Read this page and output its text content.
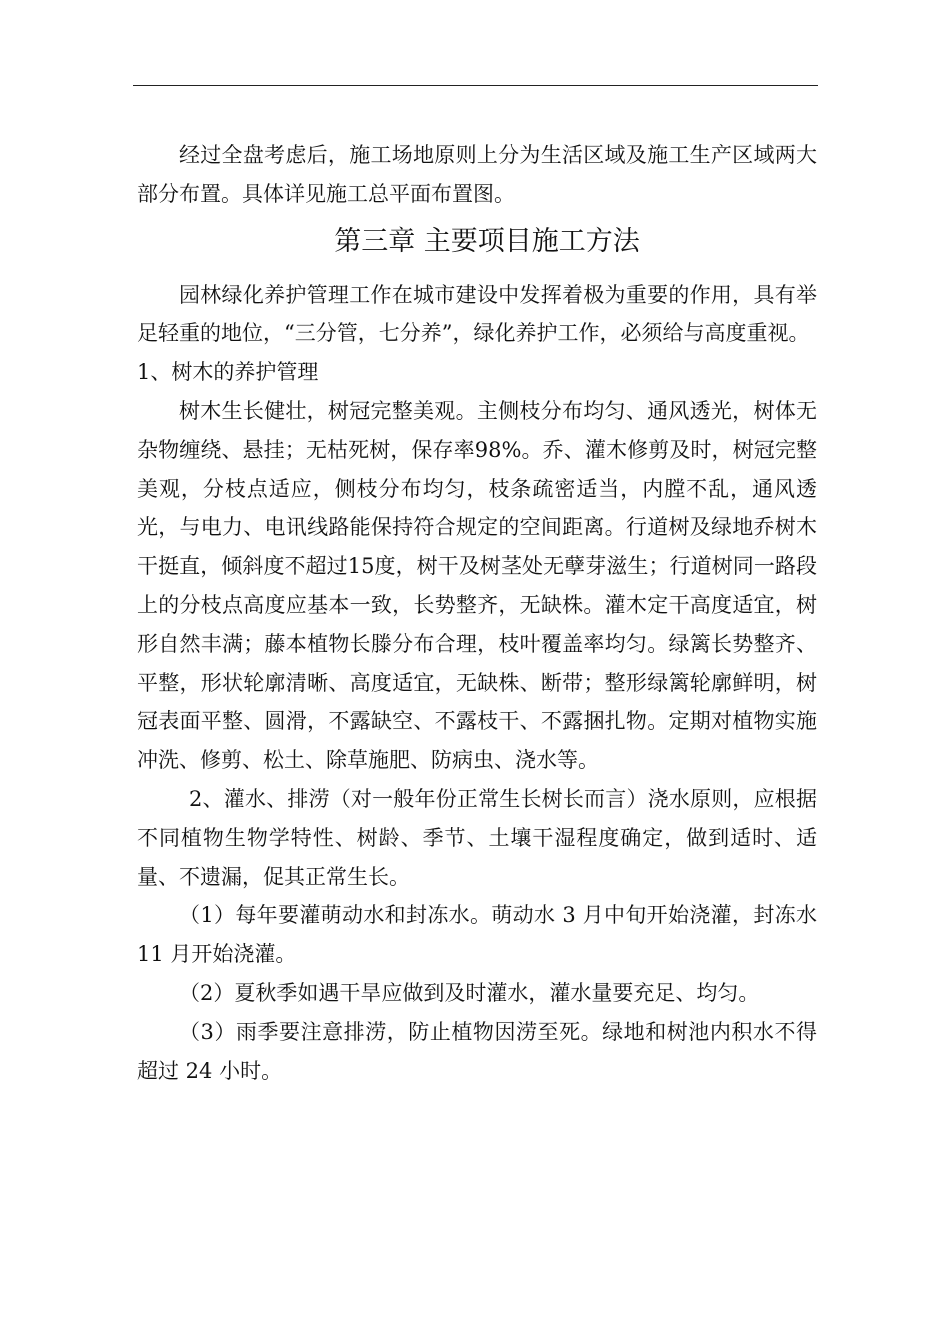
经过全盘考虑后，施工场地原则上分为生活区域及施工生产区域两大部分布置。具体详见施工总平面布置图。

第三章 主要项目施工方法

园林绿化养护管理工作在城市建设中发挥着极为重要的作用，具有举足轻重的地位，“三分管，七分养”，绿化养护工作，必须给与高度重视。

1、树木的养护管理

树木生长健壮，树冠完整美观。主侧枝分布均匀、通风透光，树体无杂物缠绕、悬挂；无枯死树，保存率98%。乔、灌木修剪及时，树冠完整美观，分枝点适应，侧枝分布均匀，枝条疏密适当，内膛不乱，通风透光，与电力、电讯线路能保持符合规定的空间距离。行道树及绿地乔树木干挺直，倾斜度不超过15度，树干及树茎处无孽芽滋生；行道树同一路段上的分枝点高度应基本一致，长势整齐，无缺株。灌木定干高度适宜，树形自然丰满；藤本植物长滕分布合理，枝叶覆盖率均匀。绿篱长势整齐、平整，形状轮廓清晰、高度适宜，无缺株、断带；整形绿篱轮廓鲜明，树冠表面平整、圆滑，不露缺空、不露枝干、不露捆扎物。定期对植物实施冲洗、修剪、松土、除草施肥、防病虫、浇水等。

2、灌水、排涝（对一般年份正常生长树长而言）浇水原则，应根据不同植物生物学特性、树龄、季节、土壤干湿程度确定，做到适时、适量、不遗漏，促其正常生长。

（1）每年要灌萌动水和封冻水。萌动水 3 月中旬开始浇灌，封冻水 11 月开始浇灌。

（2）夏秋季如遇干旱应做到及时灌水，灌水量要充足、均匀。

（3）雨季要注意排涝，防止植物因涝至死。绿地和树池内积水不得超过 24 小时。
